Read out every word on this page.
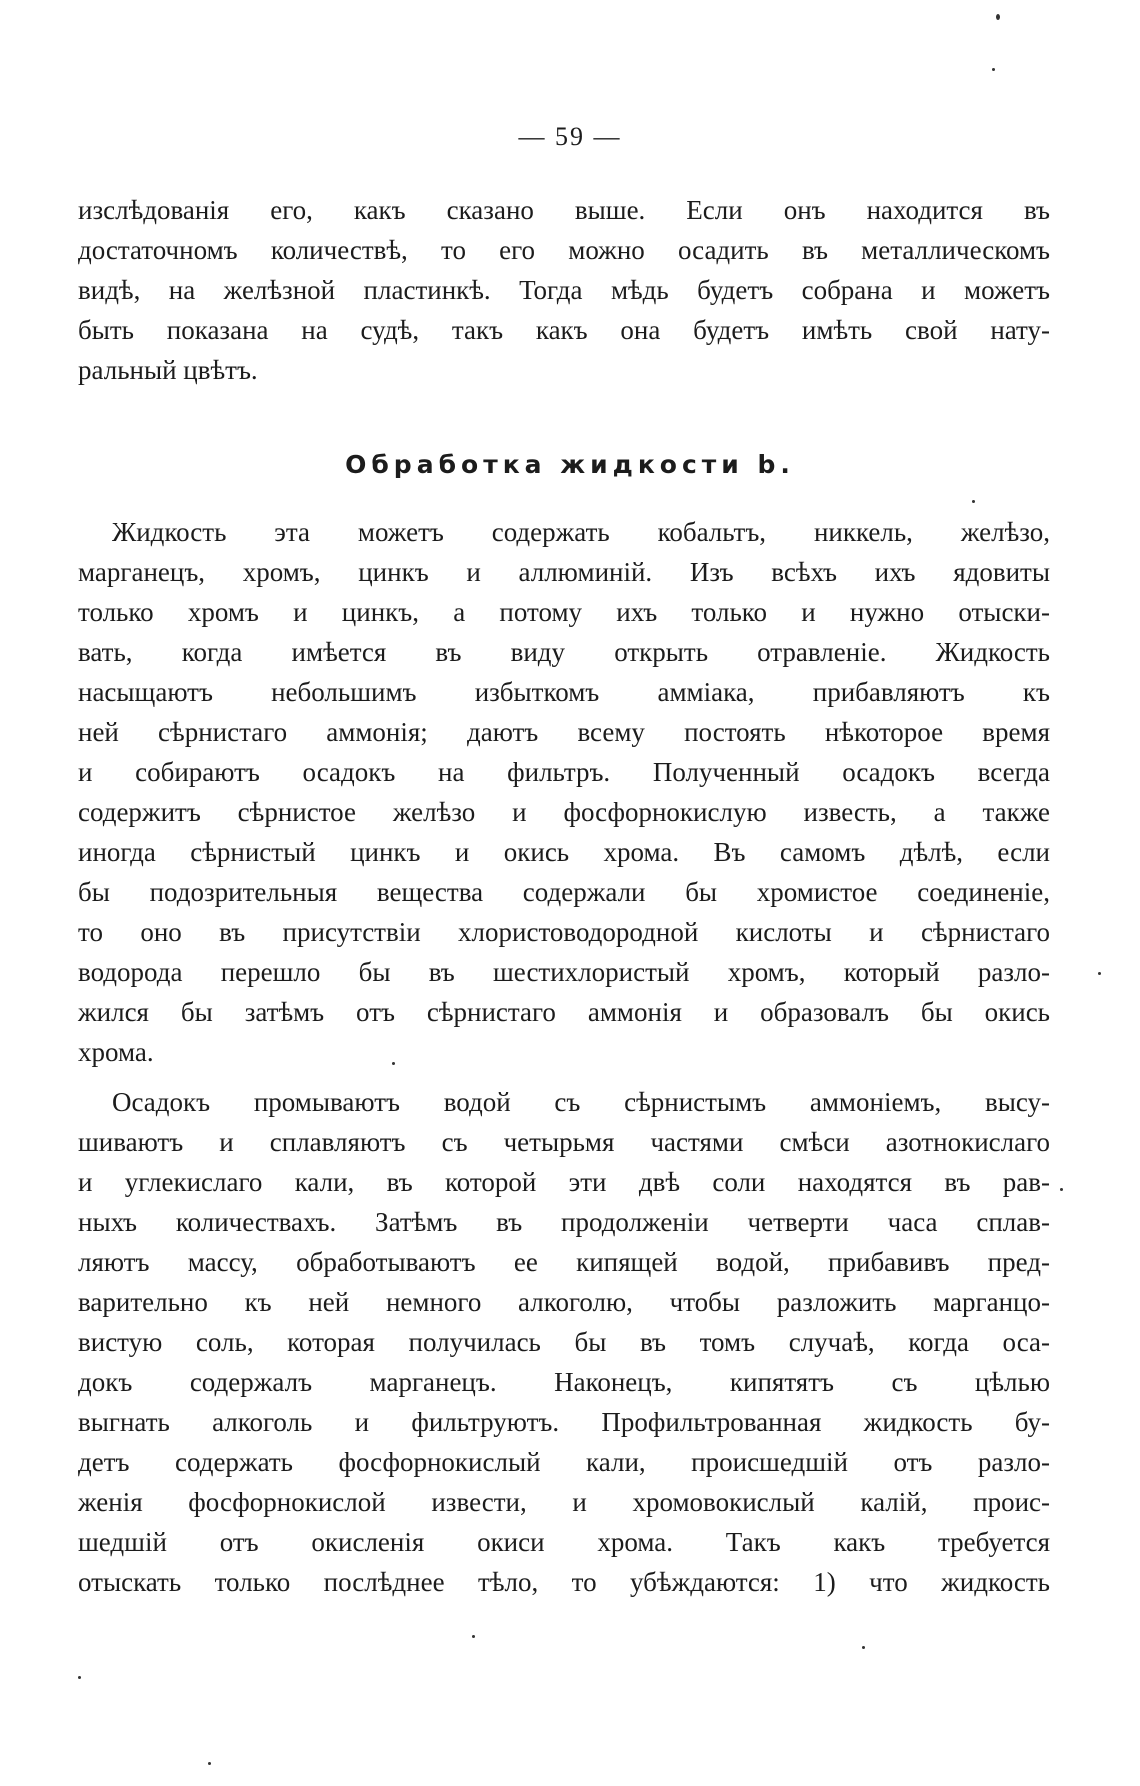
— 59 —
изслѣдованія его, какъ сказано выше. Если онъ находится въ
достаточномъ количествѣ, то его можно осадить въ металлическомъ
видѣ, на желѣзной пластинкѣ. Тогда мѣдь будетъ собрана и можетъ
быть показана на судѣ, такъ какъ она будетъ имѣть свой нату-
ральный цвѣтъ.
Обработка жидкости b.
Жидкость эта можетъ содержать кобальтъ, никкель, желѣзо,
марганецъ, хромъ, цинкъ и аллюминій. Изъ всѣхъ ихъ ядовиты
только хромъ и цинкъ, а потому ихъ только и нужно отыски-
вать, когда имѣется въ виду открыть отравленіе. Жидкость
насыщаютъ небольшимъ избыткомъ амміака, прибавляютъ къ
ней сѣрнистаго аммонія; даютъ всему постоять нѣкоторое время
и собираютъ осадокъ на фильтръ. Полученный осадокъ всегда
содержитъ сѣрнистое желѣзо и фосфорнокислую известь, а также
иногда сѣрнистый цинкъ и окись хрома. Въ самомъ дѣлѣ, если
бы подозрительныя вещества содержали бы хромистое соединеніе,
то оно въ присутствіи хлористоводородной кислоты и сѣрнистаго
водорода перешло бы въ шестихлористый хромъ, который разло-
жился бы затѣмъ отъ сѣрнистаго аммонія и образовалъ бы окись
хрома.
Осадокъ промываютъ водой съ сѣрнистымъ аммоніемъ, высу-
шиваютъ и сплавляютъ съ четырьмя частями смѣси азотнокислаго
и углекислаго кали, въ которой эти двѣ соли находятся въ рав-
ныхъ количествахъ. Затѣмъ въ продолженіи четверти часа сплав-
ляютъ массу, обработываютъ ее кипящей водой, прибавивъ пред-
варительно къ ней немного алкоголю, чтобы разложить марганцо-
вистую соль, которая получилась бы въ томъ случаѣ, когда оса-
докъ содержалъ марганецъ. Наконецъ, кипятятъ съ цѣлью
выгнать алкоголь и фильтруютъ. Профильтрованная жидкость бу-
детъ содержать фосфорнокислый кали, происшедшій отъ разло-
женія фосфорнокислой извести, и хромовокислый калій, проис-
шедшій отъ окисленія окиси хрома. Такъ какъ требуется
отыскать только послѣднее тѣло, то убѣждаются: 1) что жидкость
